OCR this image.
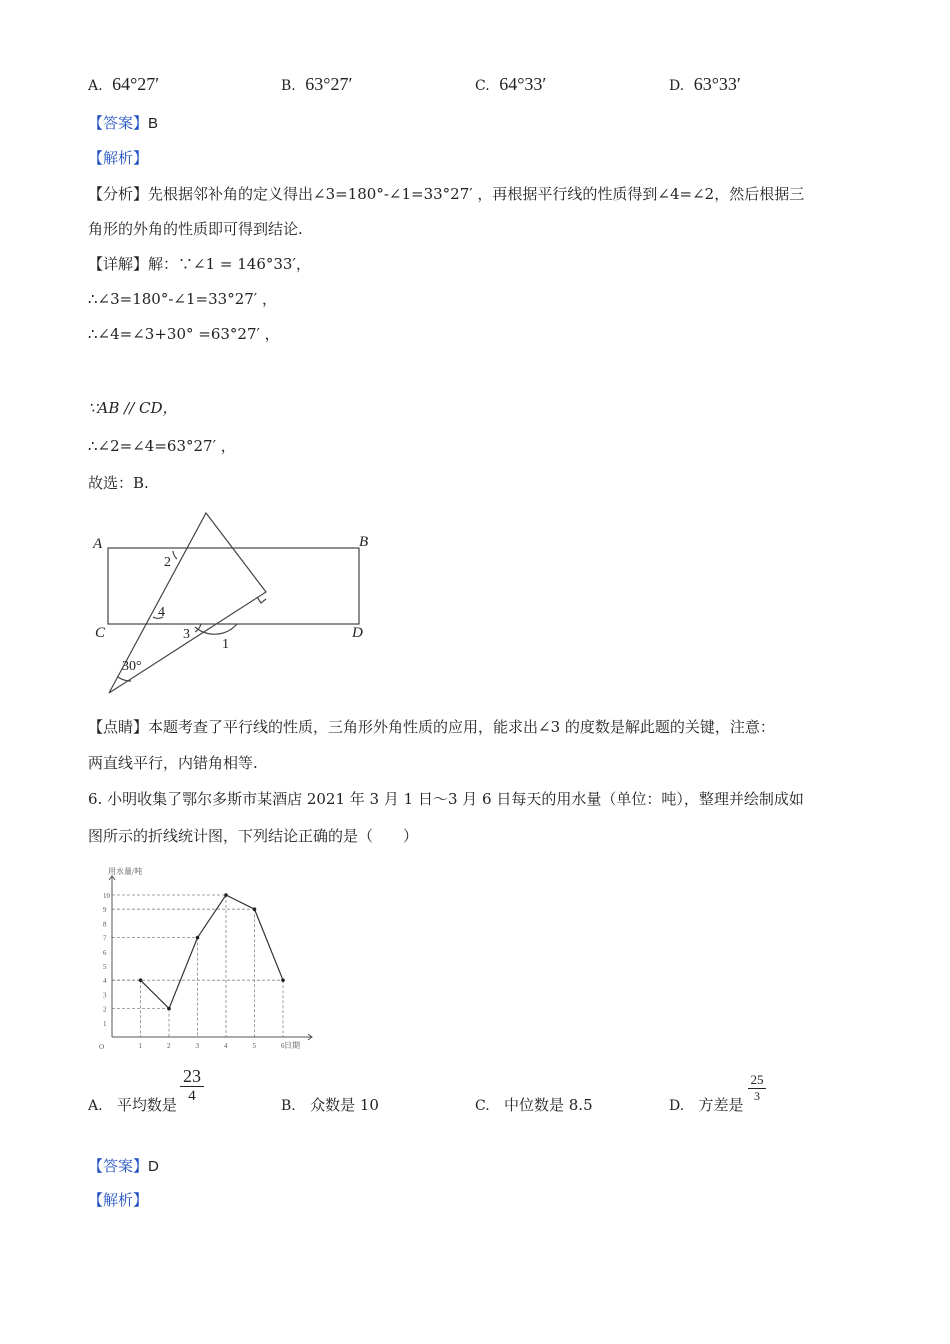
A. 64°27′	B. 63°27′	C. 64°33′	D. 63°33′
【答案】B
【解析】
【分析】先根据邻补角的定义得出∠3=180°-∠1=33°27′ ，再根据平行线的性质得到∠4=∠2，然后根据三
角形的外角的性质即可得到结论.
【详解】解：∵∠1 = 146°33′，
∴∠3=180°-∠1=33°27′ ，
∴∠4=∠3+30° =63°27′ ，
∵AB // CD，
∴∠2=∠4=63°27′ ，
故选：B.
A	B
C	D
2
4
3
1
30°
【点睛】本题考查了平行线的性质，三角形外角性质的应用，能求出∠3 的度数是解此题的关键，注意：
两直线平行，内错角相等.
6. 小明收集了鄂尔多斯市某酒店 2021 年 3 月 1 日～3 月 6 日每天的用水量（单位：吨），整理并绘制成如
图所示的折线统计图，下列结论正确的是（　　）
1
2
3
4
5
6
7
8
9
10
1	2	3	4	5	6
用水量/吨
日期
O
A. 平均数是
23
4
B. 众数是 10	C. 中位数是 8.5	D. 方差是
$\frac{25}{3}$
【答案】D
【解析】
